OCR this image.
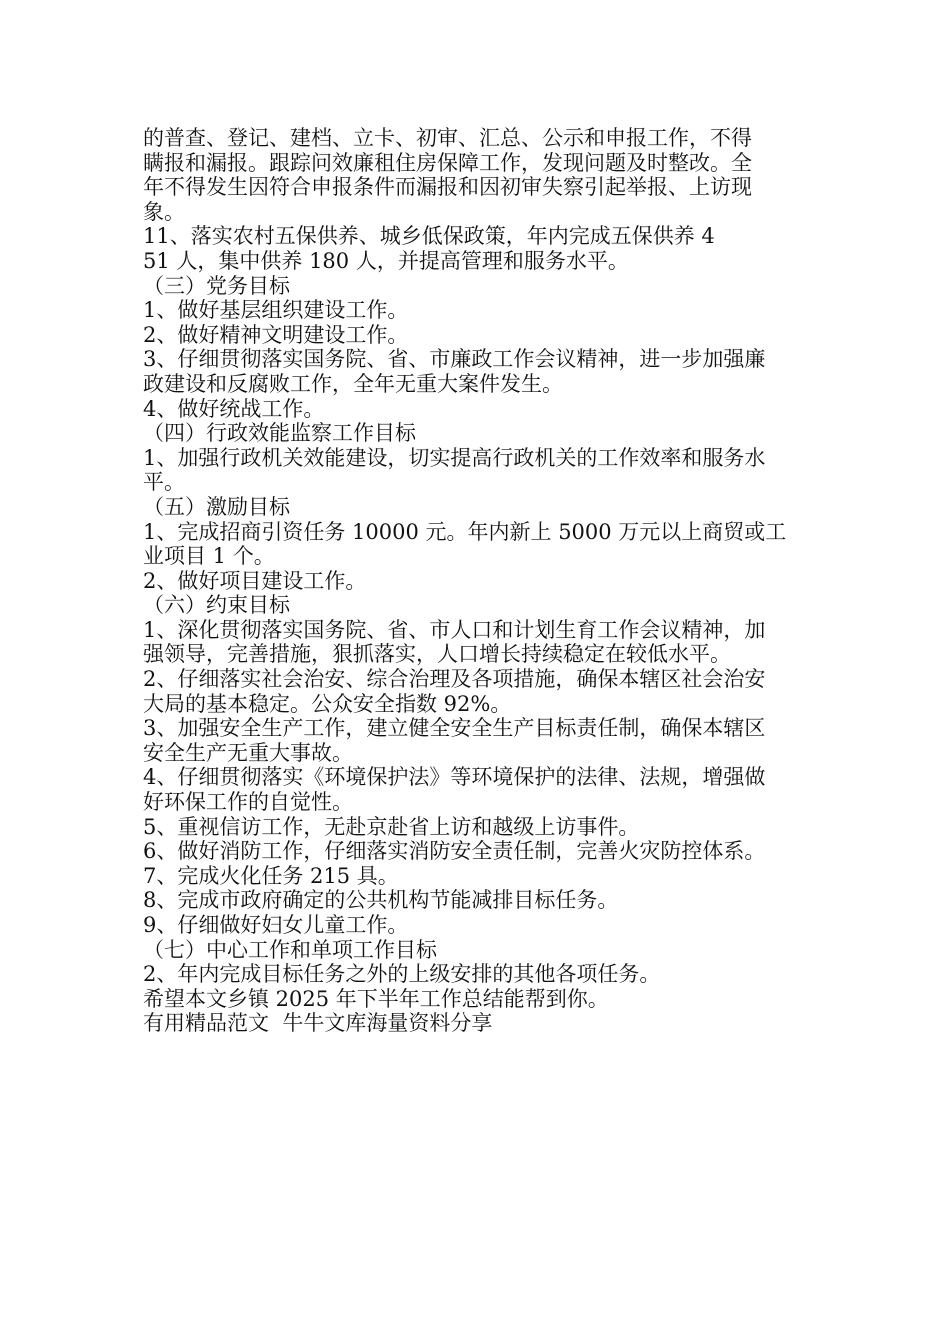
的普查、登记、建档、立卡、初审、汇总、公示和申报工作，不得
瞒报和漏报。跟踪问效廉租住房保障工作，发现问题及时整改。全
年不得发生因符合申报条件而漏报和因初审失察引起举报、上访现
象。
11、落实农村五保供养、城乡低保政策，年内完成五保供养 4
51 人，集中供养 180 人，并提高管理和服务水平。
（三）党务目标
1、做好基层组织建设工作。
2、做好精神文明建设工作。
3、仔细贯彻落实国务院、省、市廉政工作会议精神，进一步加强廉
政建设和反腐败工作，全年无重大案件发生。
4、做好统战工作。
（四）行政效能监察工作目标
1、加强行政机关效能建设，切实提高行政机关的工作效率和服务水
平。
（五）激励目标
1、完成招商引资任务 10000 元。年内新上 5000 万元以上商贸或工
业项目 1 个。
2、做好项目建设工作。
（六）约束目标
1、深化贯彻落实国务院、省、市人口和计划生育工作会议精神，加
强领导，完善措施，狠抓落实，人口增长持续稳定在较低水平。
2、仔细落实社会治安、综合治理及各项措施，确保本辖区社会治安
大局的基本稳定。公众安全指数 92%。
3、加强安全生产工作，建立健全安全生产目标责任制，确保本辖区
安全生产无重大事故。
4、仔细贯彻落实《环境保护法》等环境保护的法律、法规，增强做
好环保工作的自觉性。
5、重视信访工作，无赴京赴省上访和越级上访事件。
6、做好消防工作，仔细落实消防安全责任制，完善火灾防控体系。
7、完成火化任务 215 具。
8、完成市政府确定的公共机构节能减排目标任务。
9、仔细做好妇女儿童工作。
（七）中心工作和单项工作目标
2、年内完成目标任务之外的上级安排的其他各项任务。
希望本文乡镇 2025 年下半年工作总结能帮到你。
有用精品范文  牛牛文库海量资料分享
